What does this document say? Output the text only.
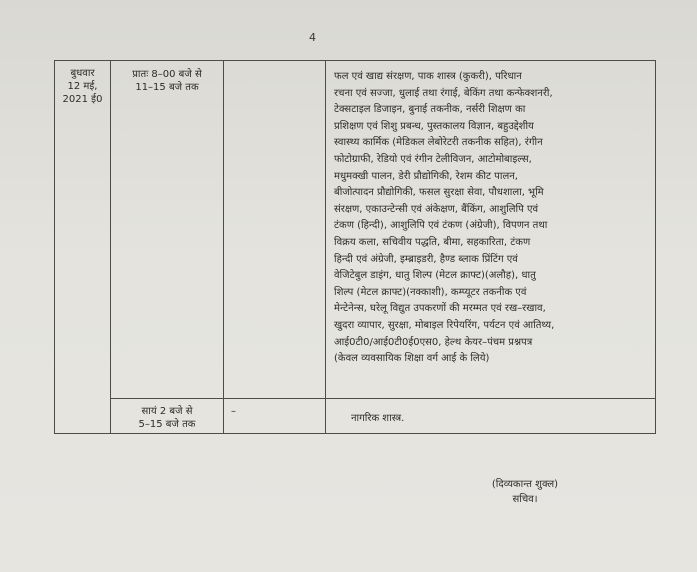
4
बुधवार
12 मई,
2021 ई0
प्रातः 8–00 बजे से
11–15 बजे तक
फल एवं खाद्य संरक्षण, पाक शास्त्र (कुकरी), परिधान
रचना एवं सज्जा, धुलाई तथा रंगाई, बेकिंग तथा कन्फेक्शनरी,
टेक्सटाइल डिजाइन, बुनाई तकनीक, नर्सरी शिक्षण का
प्रशिक्षण एवं शिशु प्रबन्ध, पुस्तकालय विज्ञान, बहुउद्देशीय
स्वास्थ्य कार्मिक (मेडिकल लेबोरेटरी तकनीक सहित), रंगीन
फोटोग्राफी, रेडियो एवं रंगीन टेलीविजन, आटोमोबाइल्स,
मधुमक्खी पालन, डेरी प्रौद्योगिकी, रेशम कीट पालन,
बीजोत्पादन प्रौद्योगिकी, फसल सुरक्षा सेवा, पौधशाला, भूमि
संरक्षण, एकाउन्टेन्सी एवं अंकेक्षण, बैंकिंग, आशुलिपि एवं
टंकण (हिन्दी), आशुलिपि एवं टंकण (अंग्रेजी), विपणन तथा
विक्रय कला, सचिवीय पद्धति, बीमा, सहकारिता, टंकण
हिन्दी एवं अंग्रेजी, इम्ब्राइडरी, हैण्ड ब्लाक प्रिंटिंग एवं
वेजिटेबुल डाइंग, धातु शिल्प (मेटल क्राफ्ट)(अलौह), धातु
शिल्प (मेटल क्राफ्ट)(नक्काशी), कम्प्यूटर तकनीक एवं
मेन्टेनेन्स, घरेलू विद्युत उपकरणों की मरम्मत एवं रख–रखाव,
खुदरा व्यापार, सुरक्षा, मोबाइल रिपेयरिंग, पर्यटन एवं आतिथ्य,
आई0टी0/आई0टी0ई0एस0, हेल्थ केयर–पंचम प्रश्नपत्र
(केवल व्यवसायिक शिक्षा वर्ग आई के लिये)
सायं 2 बजे से
5–15 बजे तक
–
नागरिक शास्त्र.
(दिव्यकान्त शुक्ल)
सचिव।
